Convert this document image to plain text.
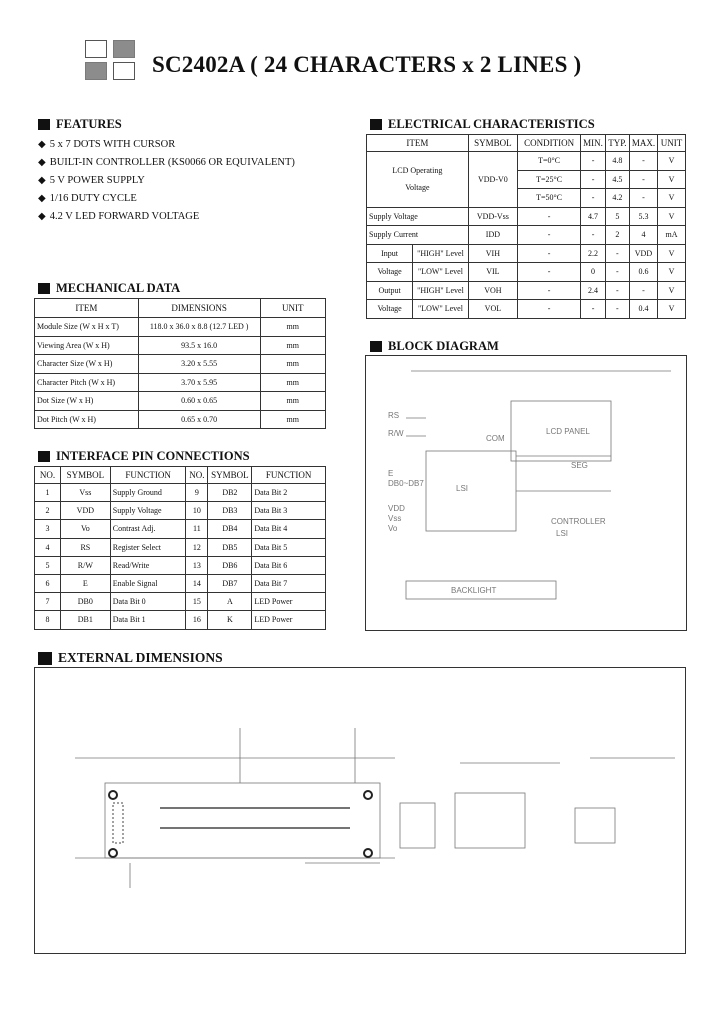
SC2402A ( 24 CHARACTERS x 2 LINES )
FEATURES
◆ 5 x 7 DOTS WITH CURSOR
◆ BUILT-IN CONTROLLER (KS0066 OR EQUIVALENT)
◆ 5 V POWER SUPPLY
◆ 1/16 DUTY CYCLE
◆ 4.2 V LED FORWARD VOLTAGE
MECHANICAL DATA
ITEM	DIMENSIONS	UNIT
Module Size (W x H x T)	118.0 x 36.0 x 8.8 (12.7 LED )	mm
Viewing Area (W x H)	93.5 x 16.0	mm
Character Size (W x H)	3.20 x 5.55	mm
Character Pitch (W x H)	3.70 x 5.95	mm
Dot Size (W x H)	0.60 x 0.65	mm
Dot Pitch (W x H)	0.65 x 0.70	mm
INTERFACE PIN CONNECTIONS
NO.	SYMBOL	FUNCTION	NO.	SYMBOL	FUNCTION
1	Vss	Supply Ground	9	DB2	Data Bit 2
2	VDD	Supply Voltage	10	DB3	Data Bit 3
3	Vo	Contrast Adj.	11	DB4	Data Bit 4
4	RS	Register Select	12	DB5	Data Bit 5
5	R/W	Read/Write	13	DB6	Data Bit 6
6	E	Enable Signal	14	DB7	Data Bit 7
7	DB0	Data Bit 0	15	A	LED Power
8	DB1	Data Bit 1	16	K	LED Power
ELECTRICAL CHARACTERISTICS
ITEM		SYMBOL	CONDITION	MIN.	TYP.	MAX.	UNIT

LCD Operating
Voltage		VDD-V0	T=0°C	-	4.8	-	V
			T=25°C	-	4.5	-	V
			T=50°C	-	4.2	-	V
Supply Voltage		VDD-Vss	-	4.7	5	5.3	V
Supply Current		IDD	-	-	2	4	mA
Input	"HIGH" Level	VIH	-	2.2	-	VDD	V
Voltage	"LOW" Level	VIL	-	0	-	0.6	V
Output	"HIGH" Level	VOH	-	2.4	-	-	V
Voltage	"LOW" Level	VOL	-	-	-	0.4	V
BLOCK DIAGRAM
LCD PANEL
COM
SEG
LSI
CONTROLLER
LSI
BACKLIGHT
RS
R/W
E
DB0~DB7
VDD
Vss
Vo
EXTERNAL DIMENSIONS
